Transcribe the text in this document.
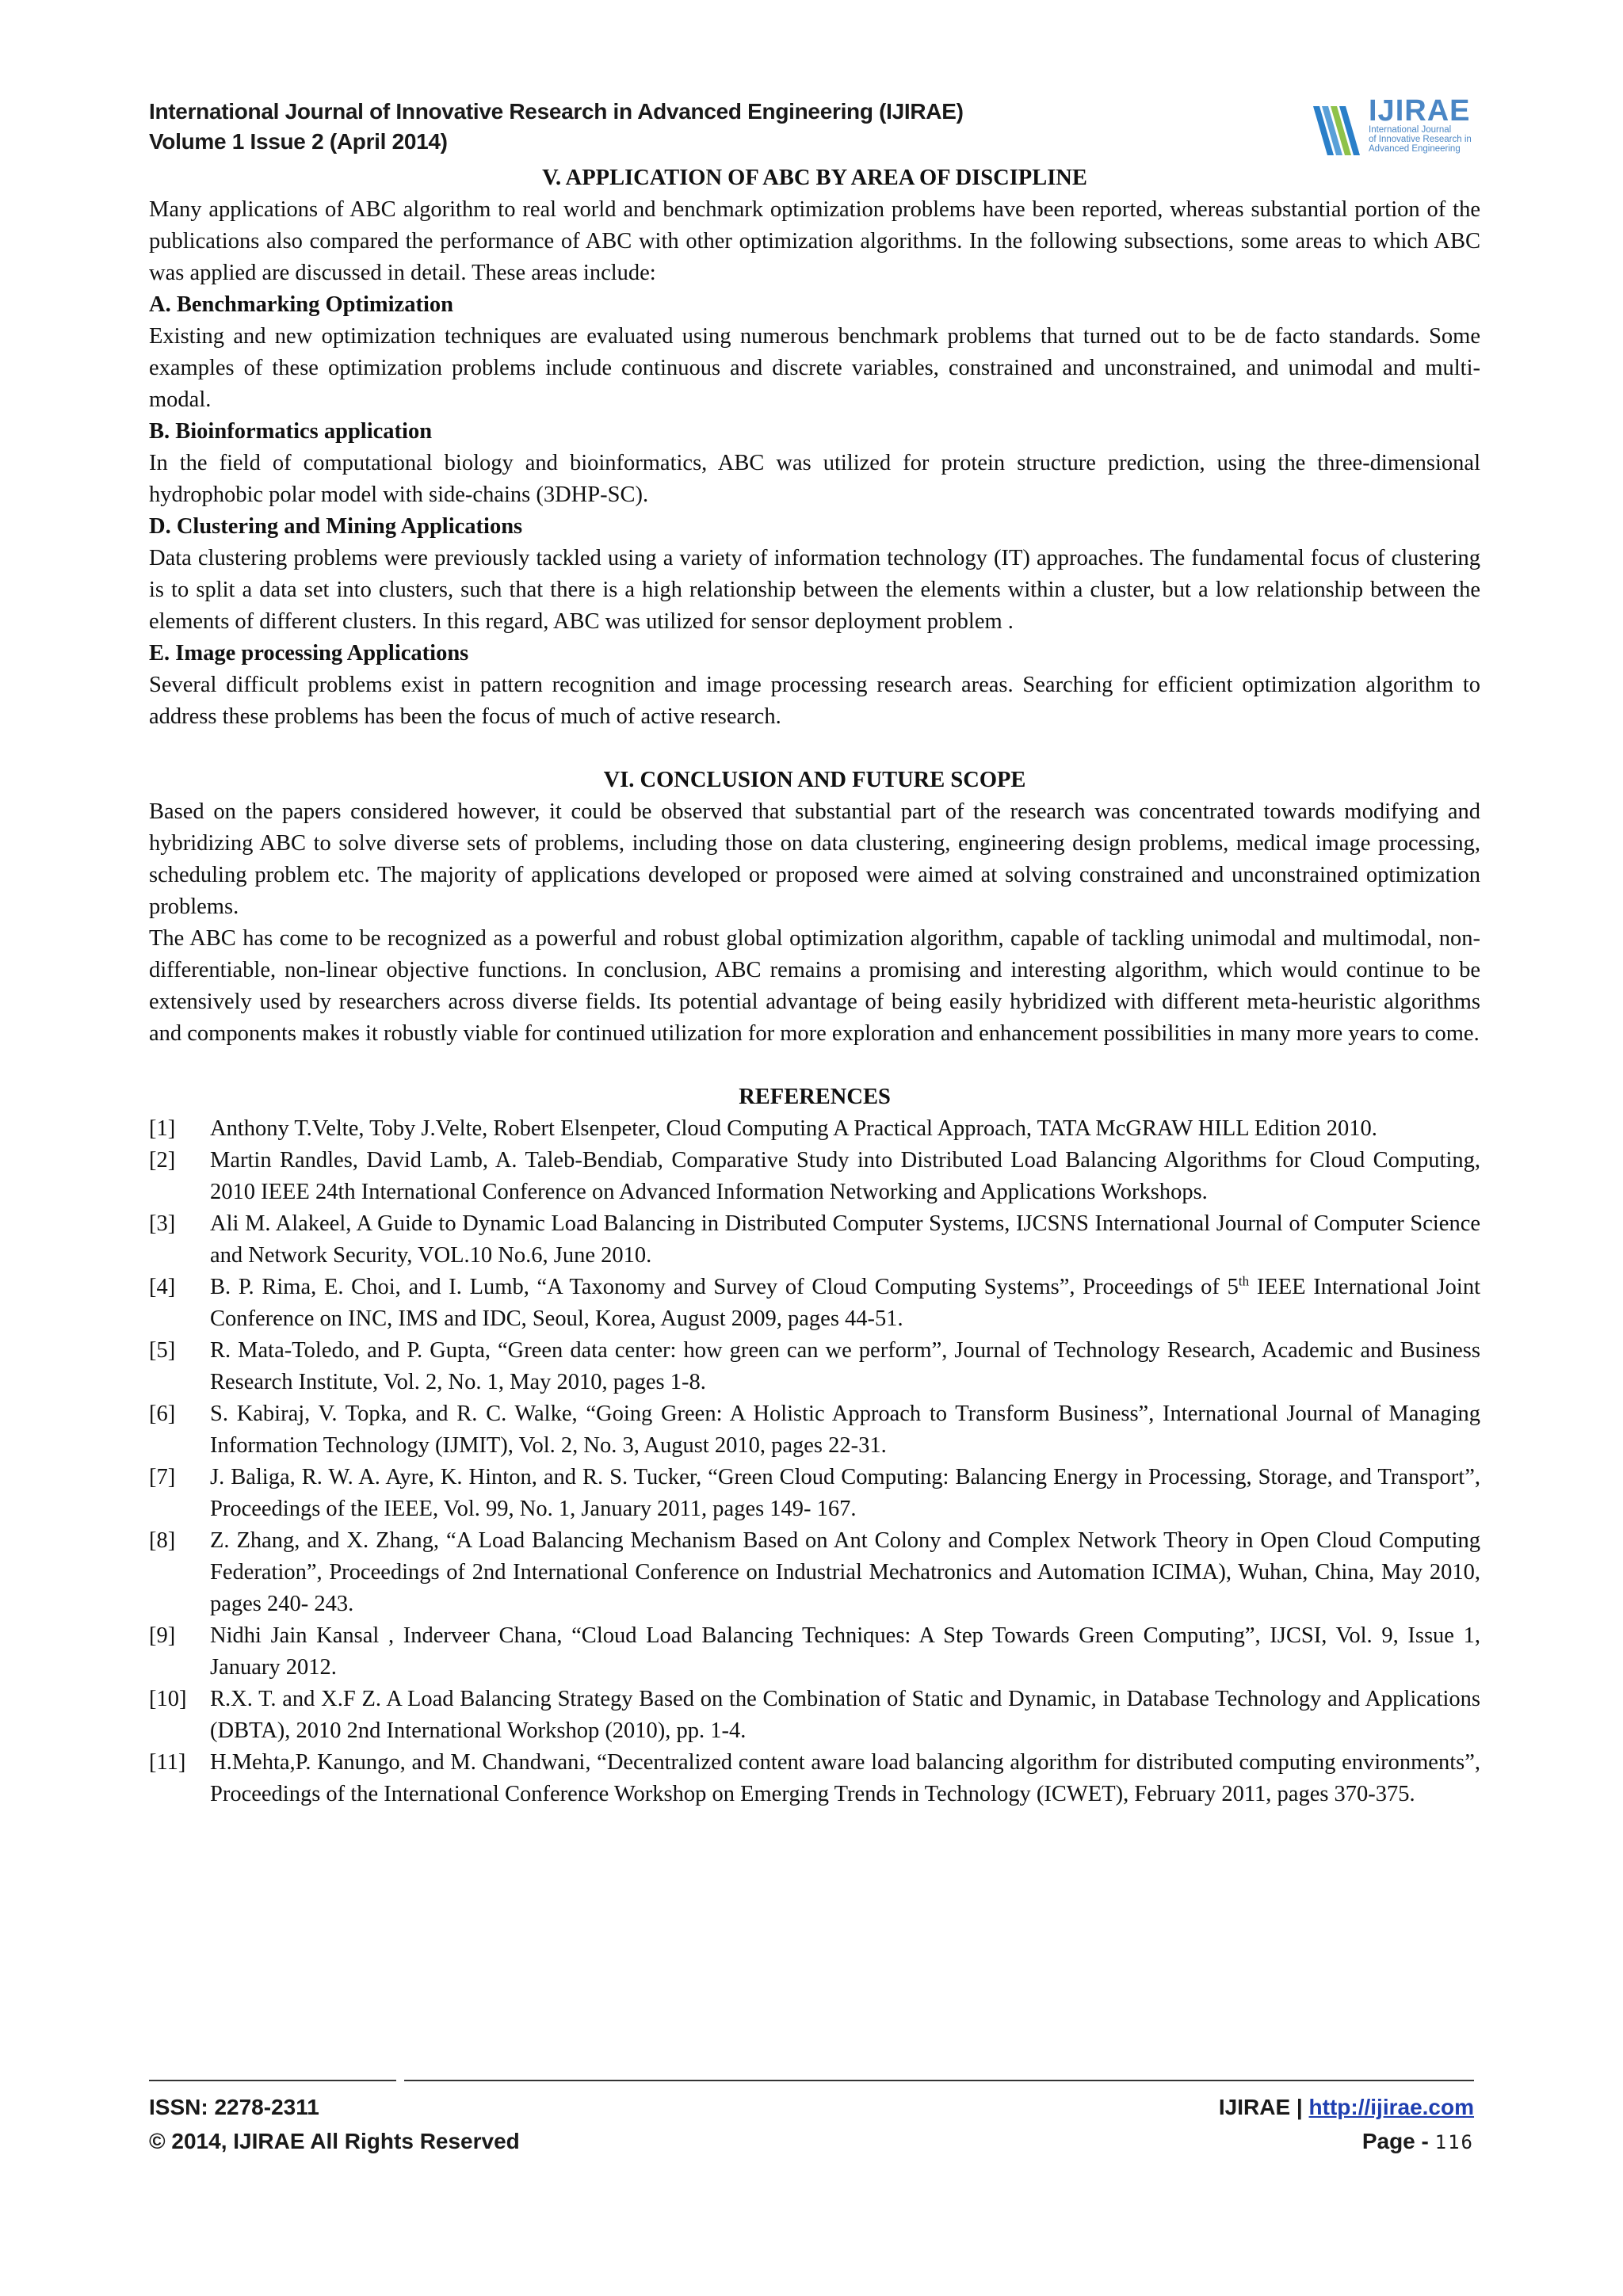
International Journal of Innovative Research in Advanced Engineering (IJIRAE)
Volume 1 Issue 2 (April 2014)
IJIRAE
International Journal
of Innovative Research in
Advanced Engineering
V. APPLICATION OF ABC BY AREA OF DISCIPLINE

Many applications of ABC algorithm to real world and benchmark optimization problems have been reported, whereas substantial portion of the publications also compared the performance of ABC with other optimization algorithms. In the following subsections, some areas to which ABC was applied are discussed in detail. These areas include:

A. Benchmarking Optimization

Existing and new optimization techniques are evaluated using numerous benchmark problems that turned out to be de facto standards. Some examples of these optimization problems include continuous and discrete variables, constrained and unconstrained, and unimodal and multi-modal.

B. Bioinformatics application

In the field of computational biology and bioinformatics, ABC was utilized for protein structure prediction, using the three-dimensional hydrophobic polar model with side-chains (3DHP-SC).

D. Clustering and Mining Applications

Data clustering problems were previously tackled using a variety of information technology (IT) approaches. The fundamental focus of clustering is to split a data set into clusters, such that there is a high relationship between the elements within a cluster, but a low relationship between the elements of different clusters. In this regard, ABC was utilized for sensor deployment problem .

E. Image processing Applications

Several difficult problems exist in pattern recognition and image processing research areas. Searching for efficient optimization algorithm to address these problems has been the focus of much of active research.

VI. CONCLUSION AND FUTURE SCOPE

Based on the papers considered however, it could be observed that substantial part of the research was concentrated towards modifying and hybridizing ABC to solve diverse sets of problems, including those on data clustering, engineering design problems, medical image processing, scheduling problem etc. The majority of applications developed or proposed were aimed at solving constrained and unconstrained optimization problems.

The ABC has come to be recognized as a powerful and robust global optimization algorithm, capable of tackling unimodal and multimodal, non-differentiable, non-linear objective functions. In conclusion, ABC remains a promising and interesting algorithm, which would continue to be extensively used by researchers across diverse fields. Its potential advantage of being easily hybridized with different meta-heuristic algorithms and components makes it robustly viable for continued utilization for more exploration and enhancement possibilities in many more years to come.

REFERENCES
[1]	Anthony T.Velte, Toby J.Velte, Robert Elsenpeter, Cloud Computing A Practical Approach, TATA McGRAW HILL Edition 2010.
[2]	Martin Randles, David Lamb, A. Taleb-Bendiab, Comparative Study into Distributed Load Balancing Algorithms for Cloud Computing, 2010 IEEE 24th International Conference on Advanced Information Networking and Applications Workshops.
[3]	Ali M. Alakeel, A Guide to Dynamic Load Balancing in Distributed Computer Systems, IJCSNS International Journal of Computer Science and Network Security, VOL.10 No.6, June 2010.
[4]	B. P. Rima, E. Choi, and I. Lumb, “A Taxonomy and Survey of Cloud Computing Systems”, Proceedings of 5th IEEE International Joint Conference on INC, IMS and IDC, Seoul, Korea, August 2009, pages 44-51.
[5]	R. Mata-Toledo, and P. Gupta, “Green data center: how green can we perform”, Journal of Technology Research, Academic and Business Research Institute, Vol. 2, No. 1, May 2010, pages 1-8.
[6]	S. Kabiraj, V. Topka, and R. C. Walke, “Going Green: A Holistic Approach to Transform Business”, International Journal of Managing Information Technology (IJMIT), Vol. 2, No. 3, August 2010, pages 22-31.
[7]	J. Baliga, R. W. A. Ayre, K. Hinton, and R. S. Tucker, “Green Cloud Computing: Balancing Energy in Processing, Storage, and Transport”, Proceedings of the IEEE, Vol. 99, No. 1, January 2011, pages 149- 167.
[8]	Z. Zhang, and X. Zhang, “A Load Balancing Mechanism Based on Ant Colony and Complex Network Theory in Open Cloud Computing Federation”, Proceedings of 2nd International Conference on Industrial Mechatronics and Automation ICIMA), Wuhan, China, May 2010, pages 240- 243.
[9]	Nidhi Jain Kansal , Inderveer Chana, “Cloud Load Balancing Techniques: A Step Towards Green Computing”, IJCSI, Vol. 9, Issue 1, January 2012.
[10]	R.X. T. and X.F Z. A Load Balancing Strategy Based on the Combination of Static and Dynamic, in Database Technology and Applications (DBTA), 2010 2nd International Workshop (2010), pp. 1-4.
[11]	H.Mehta,P. Kanungo, and M. Chandwani, “Decentralized content aware load balancing algorithm for distributed computing environments”, Proceedings of the International Conference Workshop on Emerging Trends in Technology (ICWET), February 2011, pages 370-375.
ISSN: 2278-2311
© 2014, IJIRAE All Rights Reserved
IJIRAE | http://ijirae.com
Page - 116
